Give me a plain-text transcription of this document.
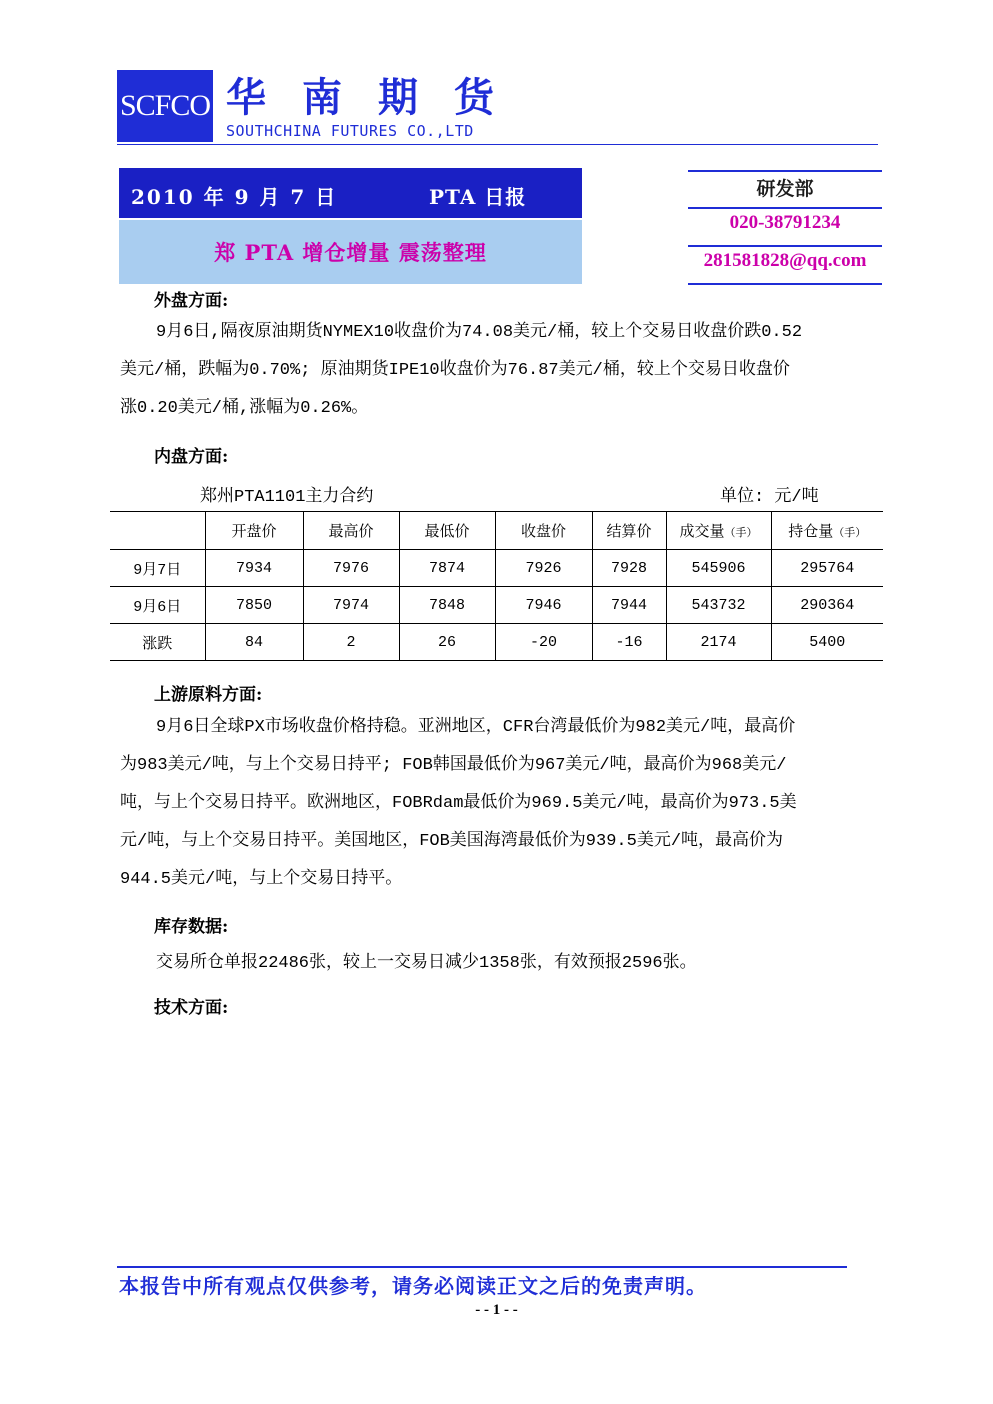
SCFCO 华南期货
SOUTHCHINA FUTURES CO.,LTD
2010 年 9 月 7 日	PTA 日报
郑 PTA 增仓增量 震荡整理
研发部
020-38791234
281581828@qq.com
外盘方面:

9月6日,隔夜原油期货NYMEX10收盘价为74.08美元/桶，较上个交易日收盘价跌0.52

美元/桶，跌幅为0.70%; 原油期货IPE10收盘价为76.87美元/桶，较上个交易日收盘价

涨0.20美元/桶,涨幅为0.26%。

内盘方面:
郑州PTA1101主力合约	单位: 元/吨
	开盘价	最高价	最低价	收盘价	结算价	成交量（手）	持仓量（手）
9月7日	7934	7976	7874	7926	7928	545906	295764
9月6日	7850	7974	7848	7946	7944	543732	290364
涨跌	84	2	26	-20	-16	2174	5400
上游原料方面:

9月6日全球PX市场收盘价格持稳。亚洲地区，CFR台湾最低价为982美元/吨，最高价

为983美元/吨，与上个交易日持平; FOB韩国最低价为967美元/吨，最高价为968美元/

吨，与上个交易日持平。欧洲地区，FOBRdam最低价为969.5美元/吨，最高价为973.5美

元/吨，与上个交易日持平。美国地区，FOB美国海湾最低价为939.5美元/吨，最高价为

944.5美元/吨，与上个交易日持平。

库存数据:

交易所仓单报22486张，较上一交易日减少1358张，有效预报2596张。

技术方面:
本报告中所有观点仅供参考，请务必阅读正文之后的免责声明。
- - 1 - -
